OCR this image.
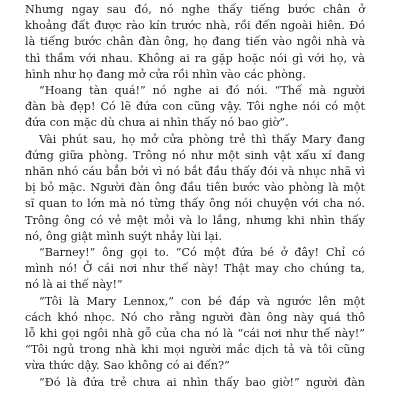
Nhưng ngay sau đó, nó nghe thấy tiếng bước chân ở
khoảng đất được rào kín trước nhà, rồi đến ngoài hiên. Đó
là tiếng bước chân đàn ông, họ đang tiến vào ngôi nhà và
thì thầm với nhau. Không ai ra gặp hoặc nói gì với họ, và
hình như họ đang mở cửa rồi nhìn vào các phòng.
“Hoang tàn quá!” nó nghe ai đó nói. “Thế mà người
đàn bà đẹp! Có lẽ đứa con cũng vậy. Tôi nghe nói có một
đứa con mặc dù chưa ai nhìn thấy nó bao giờ”.
Vài phút sau, họ mở cửa phòng trẻ thì thấy Mary đang
đứng giữa phòng. Trông nó như một sinh vật xấu xí đang
nhăn nhó cáu bẳn bởi vì nó bắt đầu thấy đói và nhục nhã vì
bị bỏ mặc. Người đàn ông đầu tiên bước vào phòng là một
sĩ quan to lớn mà nó từng thấy ông nói chuyện với cha nó.
Trông ông có vẻ mệt mỏi và lo lắng, nhưng khi nhìn thấy
nó, ông giật mình suýt nhảy lùi lại.
“Barney!” ông gọi to. “Có một đứa bé ở đây! Chỉ có
mình nó! Ở cái nơi như thế này! Thật may cho chúng ta,
nó là ai thế này!”
“Tôi là Mary Lennox,” con bé đáp và ngước lên một
cách khó nhọc. Nó cho rằng người đàn ông này quá thô
lỗ khi gọi ngôi nhà gỗ của cha nó là “cái nơi như thế này!”
“Tôi ngủ trong nhà khi mọi người mắc dịch tả và tôi cũng
vừa thức dậy. Sao không có ai đến?”
“Đó là đứa trẻ chưa ai nhìn thấy bao giờ!” người đàn
